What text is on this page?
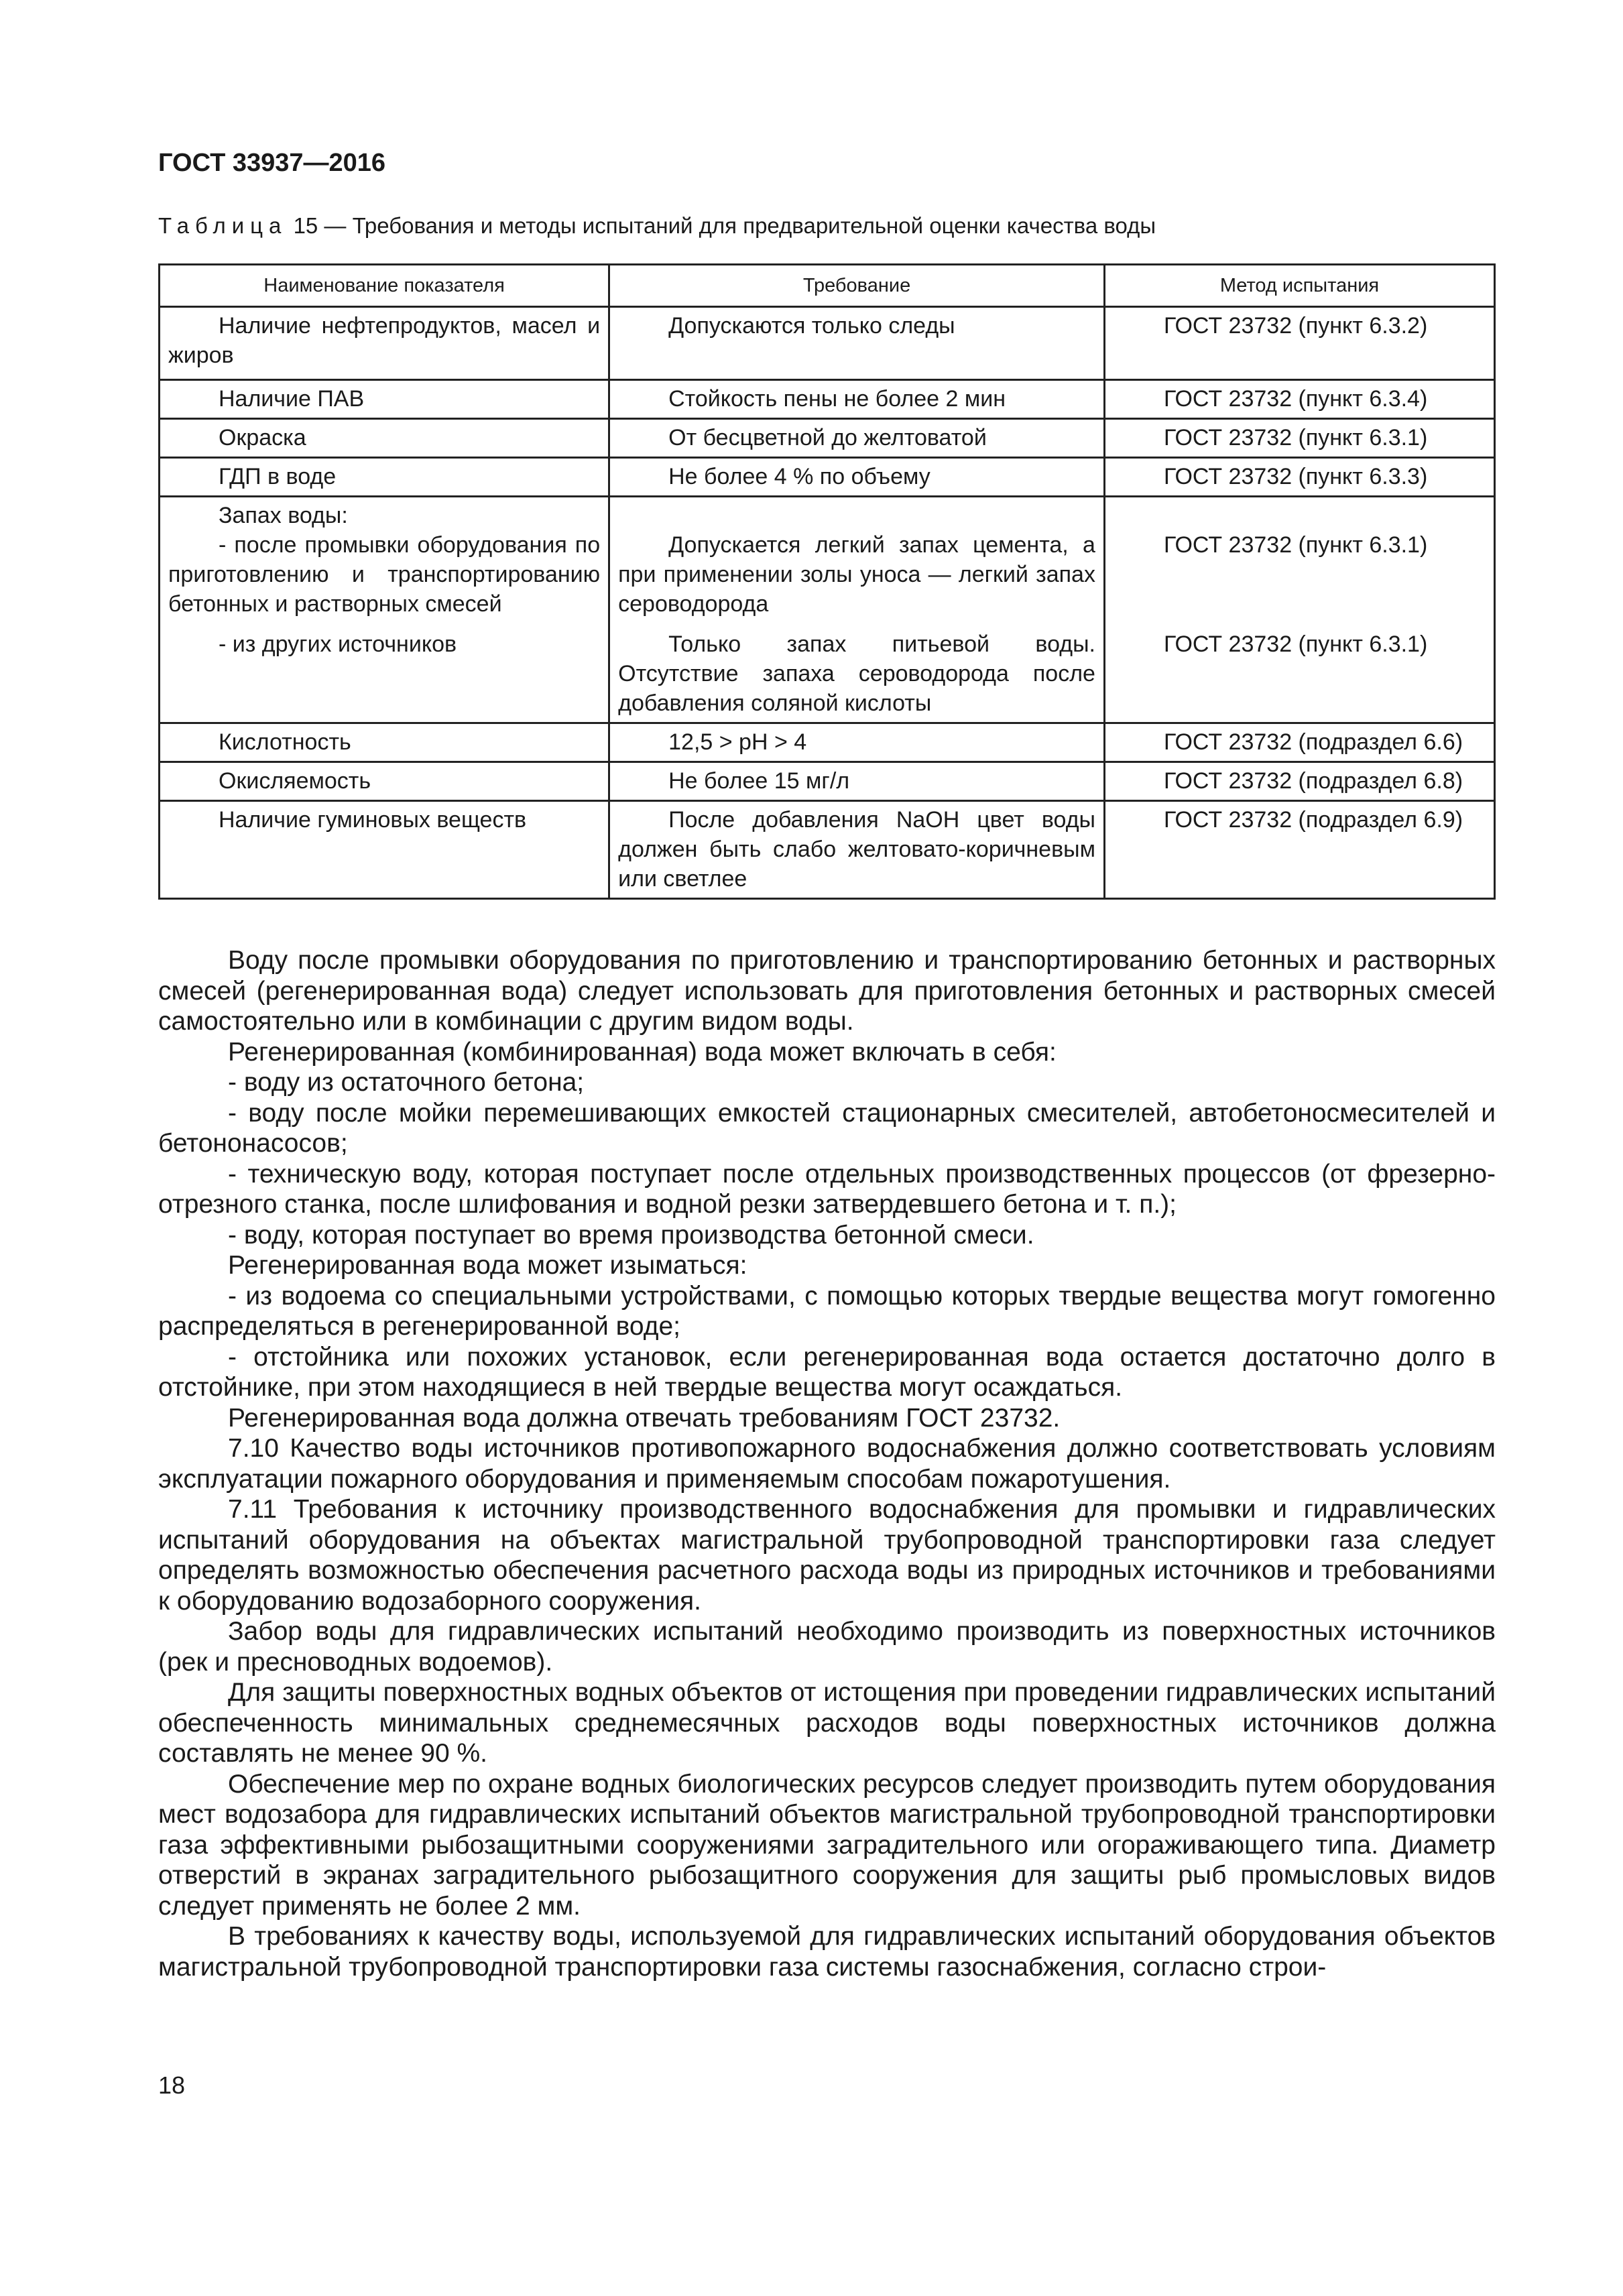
ГОСТ 33937—2016
Таблица 15 — Требования и методы испытаний для предварительной оценки качества воды
Наименование показателя	Требование	Метод испытания

Наличие нефтепродуктов, масел и жиров	Допускаются только следы	ГОСТ 23732 (пункт 6.3.2)

Наличие ПАВ	Стойкость пены не более 2 мин	ГОСТ 23732 (пункт 6.3.4)

Окраска	От бесцветной до желтоватой	ГОСТ 23732 (пункт 6.3.1)

ГДП в воде	Не более 4 % по объему	ГОСТ 23732 (пункт 6.3.3)

Запах воды:
- после промывки оборудования по приготовлению и транспортированию бетонных и растворных смесей	Допускается легкий запах цемента, а при применении золы уноса — легкий запах сероводорода	ГОСТ 23732 (пункт 6.3.1)

- из других источников	Только запах питьевой воды. Отсутствие запаха сероводорода после добавления соляной кислоты	ГОСТ 23732 (пункт 6.3.1)

Кислотность	12,5 > pH > 4	ГОСТ 23732 (подраздел 6.6)

Окисляемость	Не более 15 мг/л	ГОСТ 23732 (подраздел 6.8)

Наличие гуминовых веществ	После добавления NaOH цвет воды должен быть слабо желтовато-коричневым или светлее	ГОСТ 23732 (подраздел 6.9)

Воду после промывки оборудования по приготовлению и транспортированию бетонных и растворных смесей (регенерированная вода) следует использовать для приготовления бетонных и растворных смесей самостоятельно или в комбинации с другим видом воды.

Регенерированная (комбинированная) вода может включать в себя:

- воду из остаточного бетона;

- воду после мойки перемешивающих емкостей стационарных смесителей, автобетоносмесителей и бетононасосов;

- техническую воду, которая поступает после отдельных производственных процессов (от фрезерно-отрезного станка, после шлифования и водной резки затвердевшего бетона и т. п.);

- воду, которая поступает во время производства бетонной смеси.

Регенерированная вода может изыматься:

- из водоема со специальными устройствами, с помощью которых твердые вещества могут гомогенно распределяться в регенерированной воде;

- отстойника или похожих установок, если регенерированная вода остается достаточно долго в отстойнике, при этом находящиеся в ней твердые вещества могут осаждаться.

Регенерированная вода должна отвечать требованиям ГОСТ 23732.

7.10 Качество воды источников противопожарного водоснабжения должно соответствовать условиям эксплуатации пожарного оборудования и применяемым способам пожаротушения.

7.11 Требования к источнику производственного водоснабжения для промывки и гидравлических испытаний оборудования на объектах магистральной трубопроводной транспортировки газа следует определять возможностью обеспечения расчетного расхода воды из природных источников и требованиями к оборудованию водозаборного сооружения.

Забор воды для гидравлических испытаний необходимо производить из поверхностных источников (рек и пресноводных водоемов).

Для защиты поверхностных водных объектов от истощения при проведении гидравлических испытаний обеспеченность минимальных среднемесячных расходов воды поверхностных источников должна составлять не менее 90 %.

Обеспечение мер по охране водных биологических ресурсов следует производить путем оборудования мест водозабора для гидравлических испытаний объектов магистральной трубопроводной транспортировки газа эффективными рыбозащитными сооружениями заградительного или огораживающего типа. Диаметр отверстий в экранах заградительного рыбозащитного сооружения для защиты рыб промысловых видов следует применять не более 2 мм.

В требованиях к качеству воды, используемой для гидравлических испытаний оборудования объектов магистральной трубопроводной транспортировки газа системы газоснабжения, согласно строи-

18
